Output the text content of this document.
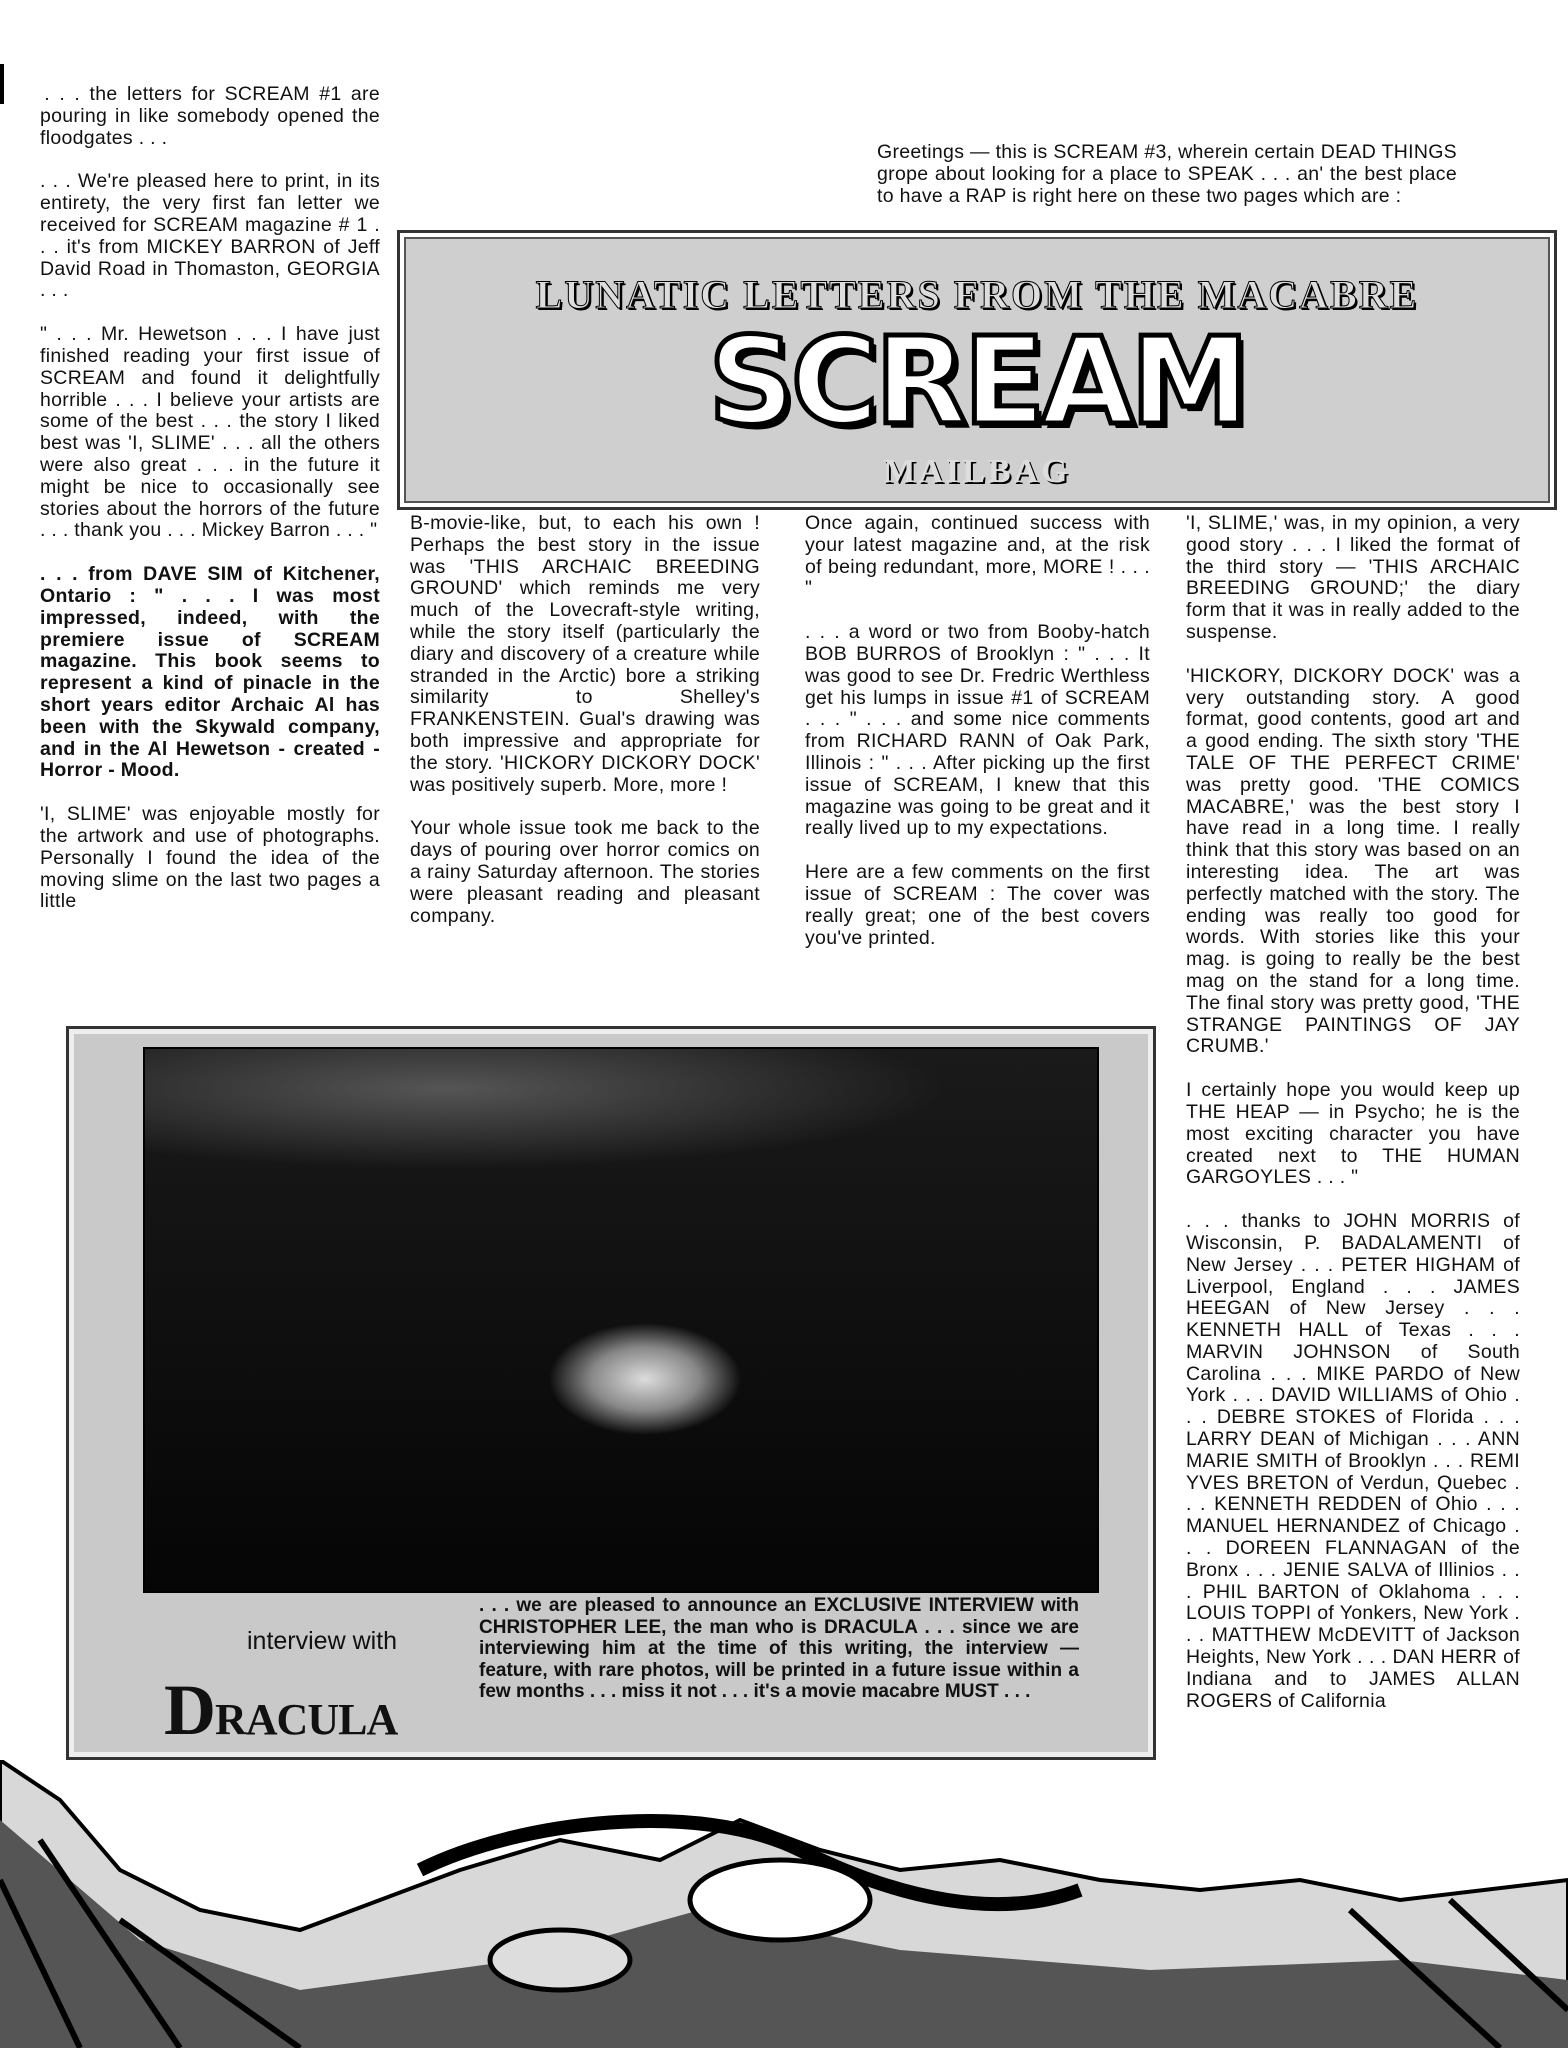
 . . . the letters for SCREAM #1 are pouring in like somebody opened the floodgates . . .

. . . We're pleased here to print, in its entirety, the very first fan letter we received for SCREAM magazine # 1 . . . it's from MICKEY BARRON of Jeff David Road in Thomaston, GEORGIA . . .

" . . . Mr. Hewetson . . . I have just finished reading your first issue of SCREAM and found it delightfully horrible . . . I believe your artists are some of the best . . . the story I liked best was 'I, SLIME' . . . all the others were also great . . . in the future it might be nice to occasionally see stories about the horrors of the future . . . thank you . . . Mickey Barron . . . "

. . . from DAVE SIM of Kitchener, Ontario : " . . . I was most impressed, indeed, with the premiere issue of SCREAM magazine. This book seems to represent a kind of pinacle in the short years editor Archaic Al has been with the Skywald company, and in the Al Hewetson - created - Horror - Mood.

'I, SLIME' was enjoyable mostly for the artwork and use of photographs. Personally I found the idea of the moving slime on the last two pages a little

Greetings — this is SCREAM #3, wherein certain DEAD THINGS grope about looking for a place to SPEAK . . . an' the best place to have a RAP is right here on these two pages which are :
LUNATIC LETTERS FROM THE MACABRE
SCREAM
MAILBAG

B-movie-like, but, to each his own ! Perhaps the best story in the issue was 'THIS ARCHAIC BREEDING GROUND' which reminds me very much of the Lovecraft-style writing, while the story itself (particularly the diary and discovery of a creature while stranded in the Arctic) bore a striking similarity to Shelley's FRANKENSTEIN. Gual's drawing was both impressive and appropriate for the story. 'HICKORY DICKORY DOCK' was positively superb. More, more !

Your whole issue took me back to the days of pouring over horror comics on a rainy Saturday afternoon. The stories were pleasant reading and pleasant company.

Once again, continued success with your latest magazine and, at the risk of being redundant, more, MORE ! . . . "

. . . a word or two from Booby-hatch BOB BURROS of Brooklyn : " . . . It was good to see Dr. Fredric Werthless get his lumps in issue #1 of SCREAM . . . " . . . and some nice comments from RICHARD RANN of Oak Park, Illinois : " . . . After picking up the first issue of SCREAM, I knew that this magazine was going to be great and it really lived up to my expectations.

Here are a few comments on the first issue of SCREAM : The cover was really great; one of the best covers you've printed.

'I, SLIME,' was, in my opinion, a very good story . . . I liked the format of the third story — 'THIS ARCHAIC BREEDING GROUND;' the diary form that it was in really added to the suspense.

'HICKORY, DICKORY DOCK' was a very outstanding story. A good format, good contents, good art and a good ending. The sixth story 'THE TALE OF THE PERFECT CRIME' was pretty good. 'THE COMICS MACABRE,' was the best story I have read in a long time. I really think that this story was based on an interesting idea. The art was perfectly matched with the story. The ending was really too good for words. With stories like this your mag. is going to really be the best mag on the stand for a long time. The final story was pretty good, 'THE STRANGE PAINTINGS OF JAY CRUMB.'

I certainly hope you would keep up THE HEAP — in Psycho; he is the most exciting character you have created next to THE HUMAN GARGOYLES . . . "

. . . thanks to JOHN MORRIS of Wisconsin, P. BADALAMENTI of New Jersey . . . PETER HIGHAM of Liverpool, England . . . JAMES HEEGAN of New Jersey . . . KENNETH HALL of Texas . . . MARVIN JOHNSON of South Carolina . . . MIKE PARDO of New York . . . DAVID WILLIAMS of Ohio . . . DEBRE STOKES of Florida . . . LARRY DEAN of Michigan . . . ANN MARIE SMITH of Brooklyn . . . REMI YVES BRETON of Verdun, Quebec . . . KENNETH REDDEN of Ohio . . . MANUEL HERNANDEZ of Chicago . . . DOREEN FLANNAGAN of the Bronx . . . JENIE SALVA of Illinios . . . PHIL BARTON of Oklahoma . . . LOUIS TOPPI of Yonkers, New York . . . MATTHEW McDEVITT of Jackson Heights, New York . . . DAN HERR of Indiana and to JAMES ALLAN ROGERS of California

interview with
DRACULA
. . . we are pleased to announce an EXCLUSIVE INTERVIEW with CHRISTOPHER LEE, the man who is DRACULA . . . since we are interviewing him at the time of this writing, the interview — feature, with rare photos, will be printed in a future issue within a few months . . . miss it not . . . it's a movie macabre MUST . . .
